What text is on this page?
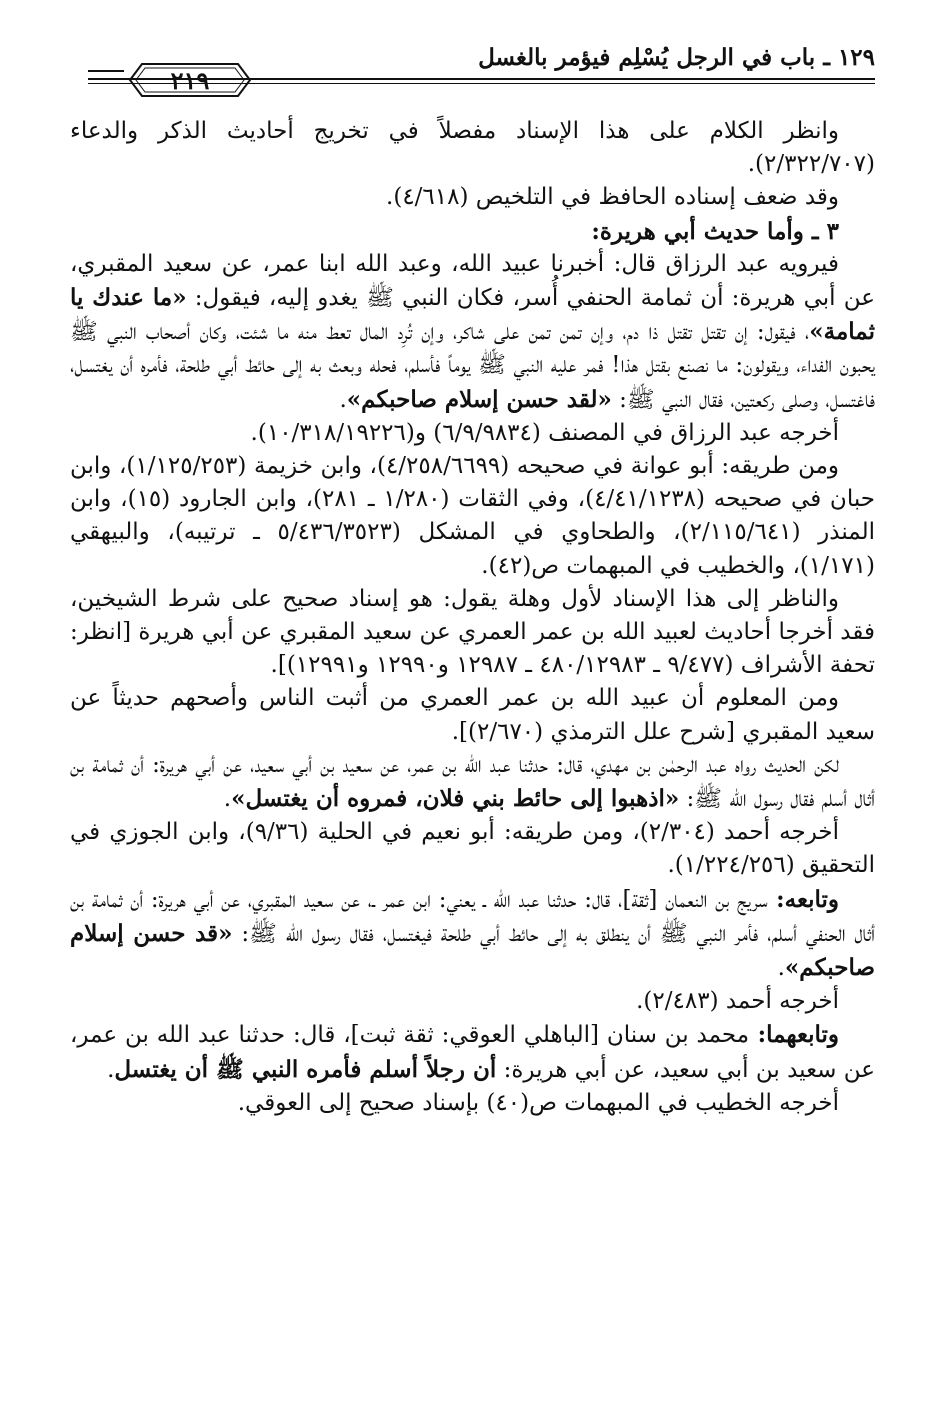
٢١٩
١٢٩ ـ باب في الرجل يُسْلِم فيؤمر بالغسل

وانظر الكلام على هذا الإسناد مفصلاً في تخريج أحاديث الذكر والدعاء (٢/٣٢٢/٧٠٧).

وقد ضعف إسناده الحافظ في التلخيص (٤/٦١٨).

٣ ـ وأما حديث أبي هريرة:

فيرويه عبد الرزاق قال: أخبرنا عبيد الله، وعبد الله ابنا عمر، عن سعيد المقبري، عن أبي هريرة: أن ثمامة الحنفي أُسر، فكان النبي ﷺ يغدو إليه، فيقول: «ما عندك يا ثمامة»، فيقول: إن تقتل تقتل ذا دم، وإن تمن تمن على شاكر، وإن تُرِد المال تعط منه ما شئت، وكان أصحاب النبي ﷺ يحبون الفداء، ويقولون: ما نصنع بقتل هذا! فمر عليه النبي ﷺ يوماً فأسلم، فحله وبعث به إلى حائط أبي طلحة، فأمره أن يغتسل، فاغتسل، وصلى ركعتين، فقال النبي ﷺ: «لقد حسن إسلام صاحبكم».

أخرجه عبد الرزاق في المصنف (٦/٩/٩٨٣٤) و(١٠/٣١٨/١٩٢٢٦).

ومن طريقه: أبو عوانة في صحيحه (٤/٢٥٨/٦٦٩٩)، وابن خزيمة (١/١٢٥/٢٥٣)، وابن حبان في صحيحه (٤/٤١/١٢٣٨)، وفي الثقات (١/٢٨٠ ـ ٢٨١)، وابن الجارود (١٥)، وابن المنذر (٢/١١٥/٦٤١)، والطحاوي في المشكل (٥/٤٣٦/٣٥٢٣ ـ ترتيبه)، والبيهقي (١/١٧١)، والخطيب في المبهمات ص(٤٢).

والناظر إلى هذا الإسناد لأول وهلة يقول: هو إسناد صحيح على شرط الشيخين، فقد أخرجا أحاديث لعبيد الله بن عمر العمري عن سعيد المقبري عن أبي هريرة [انظر: تحفة الأشراف (٩/٤٧٧ ـ ٤٨٠/١٢٩٨٣ ـ ١٢٩٨٧ و١٢٩٩٠ و١٢٩٩١)].

ومن المعلوم أن عبيد الله بن عمر العمري من أثبت الناس وأصحهم حديثاً عن سعيد المقبري [شرح علل الترمذي (٢/٦٧٠)].

لكن الحديث رواه عبد الرحمٰن بن مهدي، قال: حدثنا عبد الله بن عمر، عن سعيد بن أبي سعيد، عن أبي هريرة: أن ثمامة بن أثال أسلم فقال رسول الله ﷺ: «اذهبوا إلى حائط بني فلان، فمروه أن يغتسل».

أخرجه أحمد (٢/٣٠٤)، ومن طريقه: أبو نعيم في الحلية (٩/٣٦)، وابن الجوزي في التحقيق (١/٢٢٤/٢٥٦).

وتابعه: سريج بن النعمان [ثقة]، قال: حدثنا عبد الله ـ يعني: ابن عمر ـ، عن سعيد المقبري، عن أبي هريرة: أن ثمامة بن أثال الحنفي أسلم، فأمر النبي ﷺ أن ينطلق به إلى حائط أبي طلحة فيغتسل، فقال رسول الله ﷺ: «قد حسن إسلام صاحبكم».

أخرجه أحمد (٢/٤٨٣).

وتابعهما: محمد بن سنان [الباهلي العوقي: ثقة ثبت]، قال: حدثنا عبد الله بن عمر، عن سعيد بن أبي سعيد، عن أبي هريرة: أن رجلاً أسلم فأمره النبي ﷺ أن يغتسل.

أخرجه الخطيب في المبهمات ص(٤٠) بإسناد صحيح إلى العوقي.
